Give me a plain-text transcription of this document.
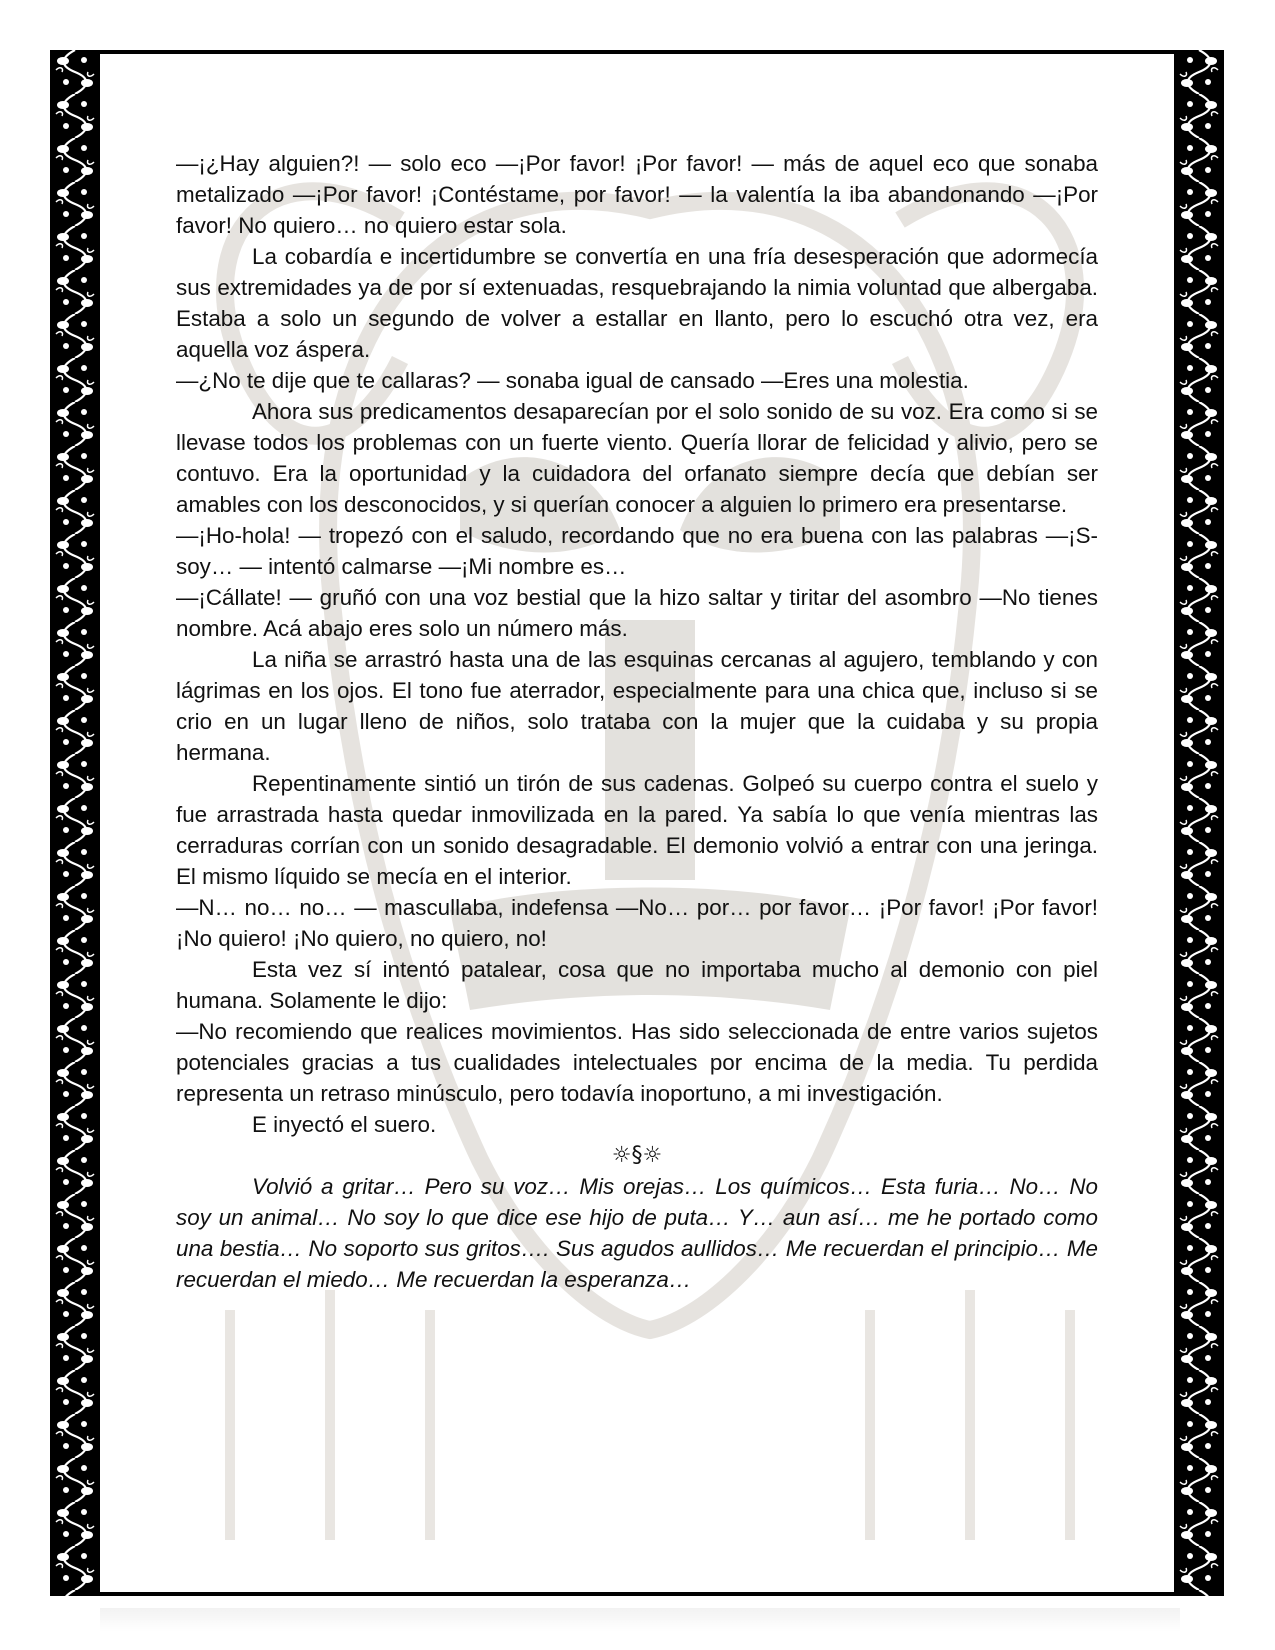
—¡¿Hay alguien?! — solo eco —¡Por favor! ¡Por favor! — más de aquel eco que sonaba metalizado —¡Por favor! ¡Contéstame, por favor! — la valentía la iba abandonando —¡Por favor! No quiero… no quiero estar sola.

La cobardía e incertidumbre se convertía en una fría desesperación que adormecía sus extremidades ya de por sí extenuadas, resquebrajando la nimia voluntad que albergaba. Estaba a solo un segundo de volver a estallar en llanto, pero lo escuchó otra vez, era aquella voz áspera.

—¿No te dije que te callaras? — sonaba igual de cansado —Eres una molestia.

Ahora sus predicamentos desaparecían por el solo sonido de su voz. Era como si se llevase todos los problemas con un fuerte viento. Quería llorar de felicidad y alivio, pero se contuvo. Era la oportunidad y la cuidadora del orfanato siempre decía que debían ser amables con los desconocidos, y si querían conocer a alguien lo primero era presentarse.

—¡Ho-hola! — tropezó con el saludo, recordando que no era buena con las palabras —¡S-soy… — intentó calmarse —¡Mi nombre es…

—¡Cállate! — gruñó con una voz bestial que la hizo saltar y tiritar del asombro —No tienes nombre. Acá abajo eres solo un número más.

La niña se arrastró hasta una de las esquinas cercanas al agujero, temblando y con lágrimas en los ojos. El tono fue aterrador, especialmente para una chica que, incluso si se crio en un lugar lleno de niños, solo trataba con la mujer que la cuidaba y su propia hermana.

Repentinamente sintió un tirón de sus cadenas. Golpeó su cuerpo contra el suelo y fue arrastrada hasta quedar inmovilizada en la pared. Ya sabía lo que venía mientras las cerraduras corrían con un sonido desagradable. El demonio volvió a entrar con una jeringa. El mismo líquido se mecía en el interior.

—N… no… no… — mascullaba, indefensa —No… por… por favor… ¡Por favor! ¡Por favor! ¡No quiero! ¡No quiero, no quiero, no!

Esta vez sí intentó patalear, cosa que no importaba mucho al demonio con piel humana. Solamente le dijo:

—No recomiendo que realices movimientos. Has sido seleccionada de entre varios sujetos potenciales gracias a tus cualidades intelectuales por encima de la media. Tu perdida representa un retraso minúsculo, pero todavía inoportuno, a mi investigación.

E inyectó el suero.

☼§☼

Volvió a gritar… Pero su voz… Mis orejas… Los químicos… Esta furia… No… No soy un animal… No soy lo que dice ese hijo de puta… Y… aun así… me he portado como una bestia… No soporto sus gritos…. Sus agudos aullidos… Me recuerdan el principio… Me recuerdan el miedo… Me recuerdan la esperanza…
